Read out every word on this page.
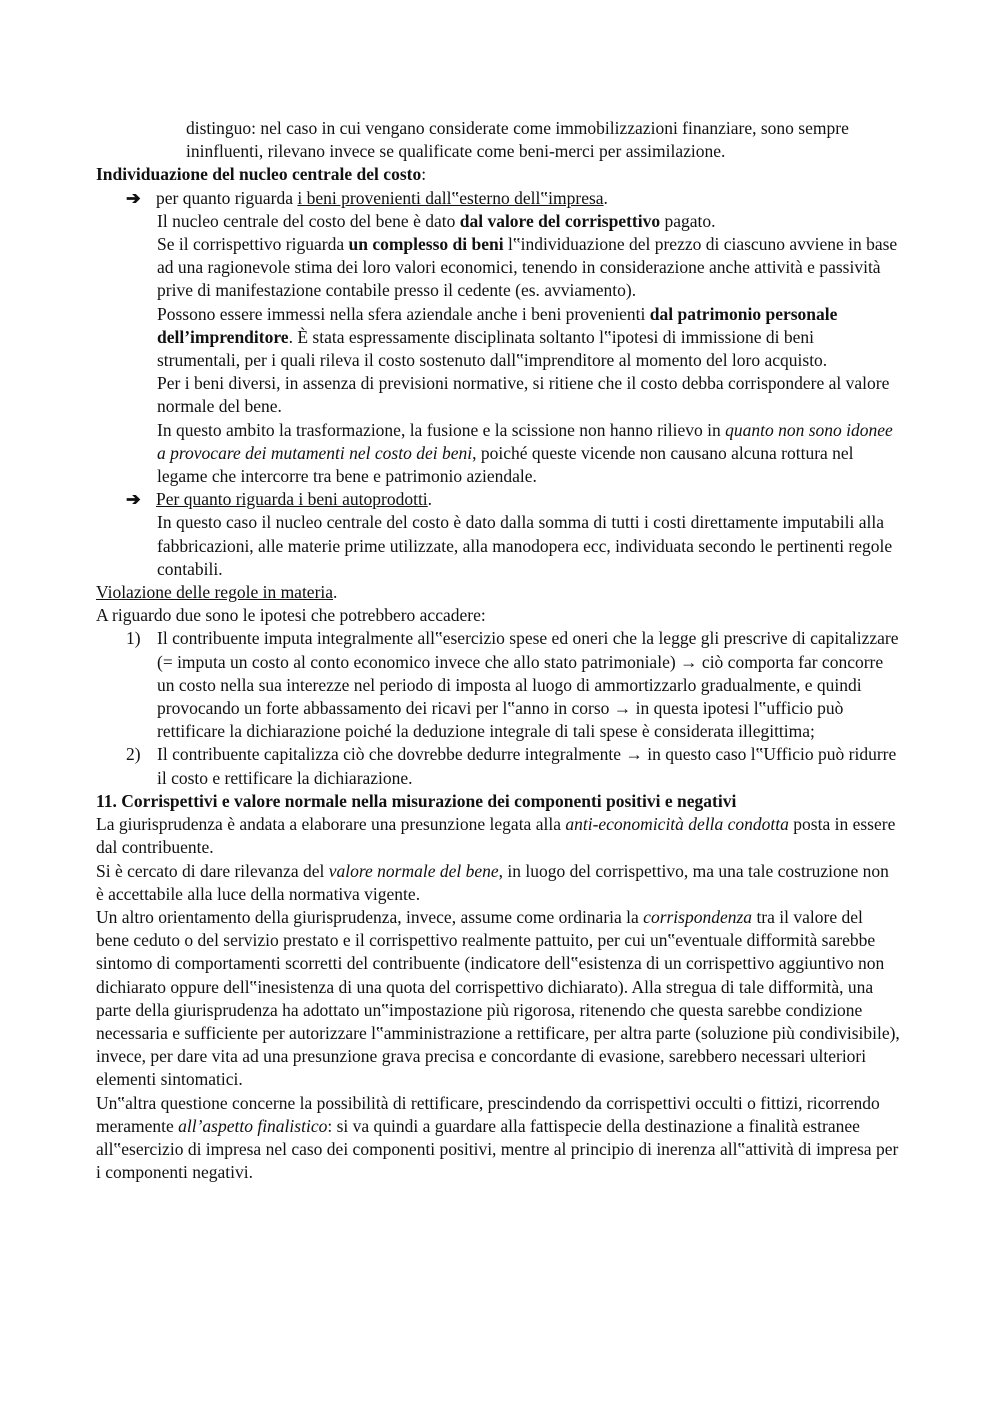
distinguo: nel caso in cui vengano considerate come immobilizzazioni finanziare, sono sempre ininfluenti, rilevano invece se qualificate come beni-merci per assimilazione.

Individuazione del nucleo centrale del costo:

➔ per quanto riguarda i beni provenienti dall‟esterno dell‟impresa.

Il nucleo centrale del costo del bene è dato dal valore del corrispettivo pagato.

Se il corrispettivo riguarda un complesso di beni l‟individuazione del prezzo di ciascuno avviene in base ad una ragionevole stima dei loro valori economici, tenendo in considerazione anche attività e passività prive di manifestazione contabile presso il cedente (es. avviamento).

Possono essere immessi nella sfera aziendale anche i beni provenienti dal patrimonio personale dell’imprenditore. È stata espressamente disciplinata soltanto l‟ipotesi di immissione di beni strumentali, per i quali rileva il costo sostenuto dall‟imprenditore al momento del loro acquisto.

Per i beni diversi, in assenza di previsioni normative, si ritiene che il costo debba corrispondere al valore normale del bene.

In questo ambito la trasformazione, la fusione e la scissione non hanno rilievo in quanto non sono idonee a provocare dei mutamenti nel costo dei beni, poiché queste vicende non causano alcuna rottura nel legame che intercorre tra bene e patrimonio aziendale.

➔ Per quanto riguarda i beni autoprodotti.

In questo caso il nucleo centrale del costo è dato dalla somma di tutti i costi direttamente imputabili alla fabbricazioni, alle materie prime utilizzate, alla manodopera ecc, individuata secondo le pertinenti regole contabili.

Violazione delle regole in materia.

A riguardo due sono le ipotesi che potrebbero accadere:

1) Il contribuente imputa integralmente all‟esercizio spese ed oneri che la legge gli prescrive di capitalizzare (= imputa un costo al conto economico invece che allo stato patrimoniale) → ciò comporta far concorre un costo nella sua interezze nel periodo di imposta al luogo di ammortizzarlo gradualmente, e quindi provocando un forte abbassamento dei ricavi per l‟anno in corso → in questa ipotesi l‟ufficio può rettificare la dichiarazione poiché la deduzione integrale di tali spese è considerata illegittima;

2) Il contribuente capitalizza ciò che dovrebbe dedurre integralmente → in questo caso l‟Ufficio può ridurre il costo e rettificare la dichiarazione.

11. Corrispettivi e valore normale nella misurazione dei componenti positivi e negativi

La giurisprudenza è andata a elaborare una presunzione legata alla anti-economicità della condotta posta in essere dal contribuente.

Si è cercato di dare rilevanza del valore normale del bene, in luogo del corrispettivo, ma una tale costruzione non è accettabile alla luce della normativa vigente.

Un altro orientamento della giurisprudenza, invece, assume come ordinaria la corrispondenza tra il valore del bene ceduto o del servizio prestato e il corrispettivo realmente pattuito, per cui un‟eventuale difformità sarebbe sintomo di comportamenti scorretti del contribuente (indicatore dell‟esistenza di un corrispettivo aggiuntivo non dichiarato oppure dell‟inesistenza di una quota del corrispettivo dichiarato). Alla stregua di tale difformità, una parte della giurisprudenza ha adottato un‟impostazione più rigorosa, ritenendo che questa sarebbe condizione necessaria e sufficiente per autorizzare l‟amministrazione a rettificare, per altra parte (soluzione più condivisibile), invece, per dare vita ad una presunzione grava precisa e concordante di evasione, sarebbero necessari ulteriori elementi sintomatici.

Un‟altra questione concerne la possibilità di rettificare, prescindendo da corrispettivi occulti o fittizi, ricorrendo meramente all’aspetto finalistico: si va quindi a guardare alla fattispecie della destinazione a finalità estranee all‟esercizio di impresa nel caso dei componenti positivi, mentre al principio di inerenza all‟attività di impresa per i componenti negativi.
